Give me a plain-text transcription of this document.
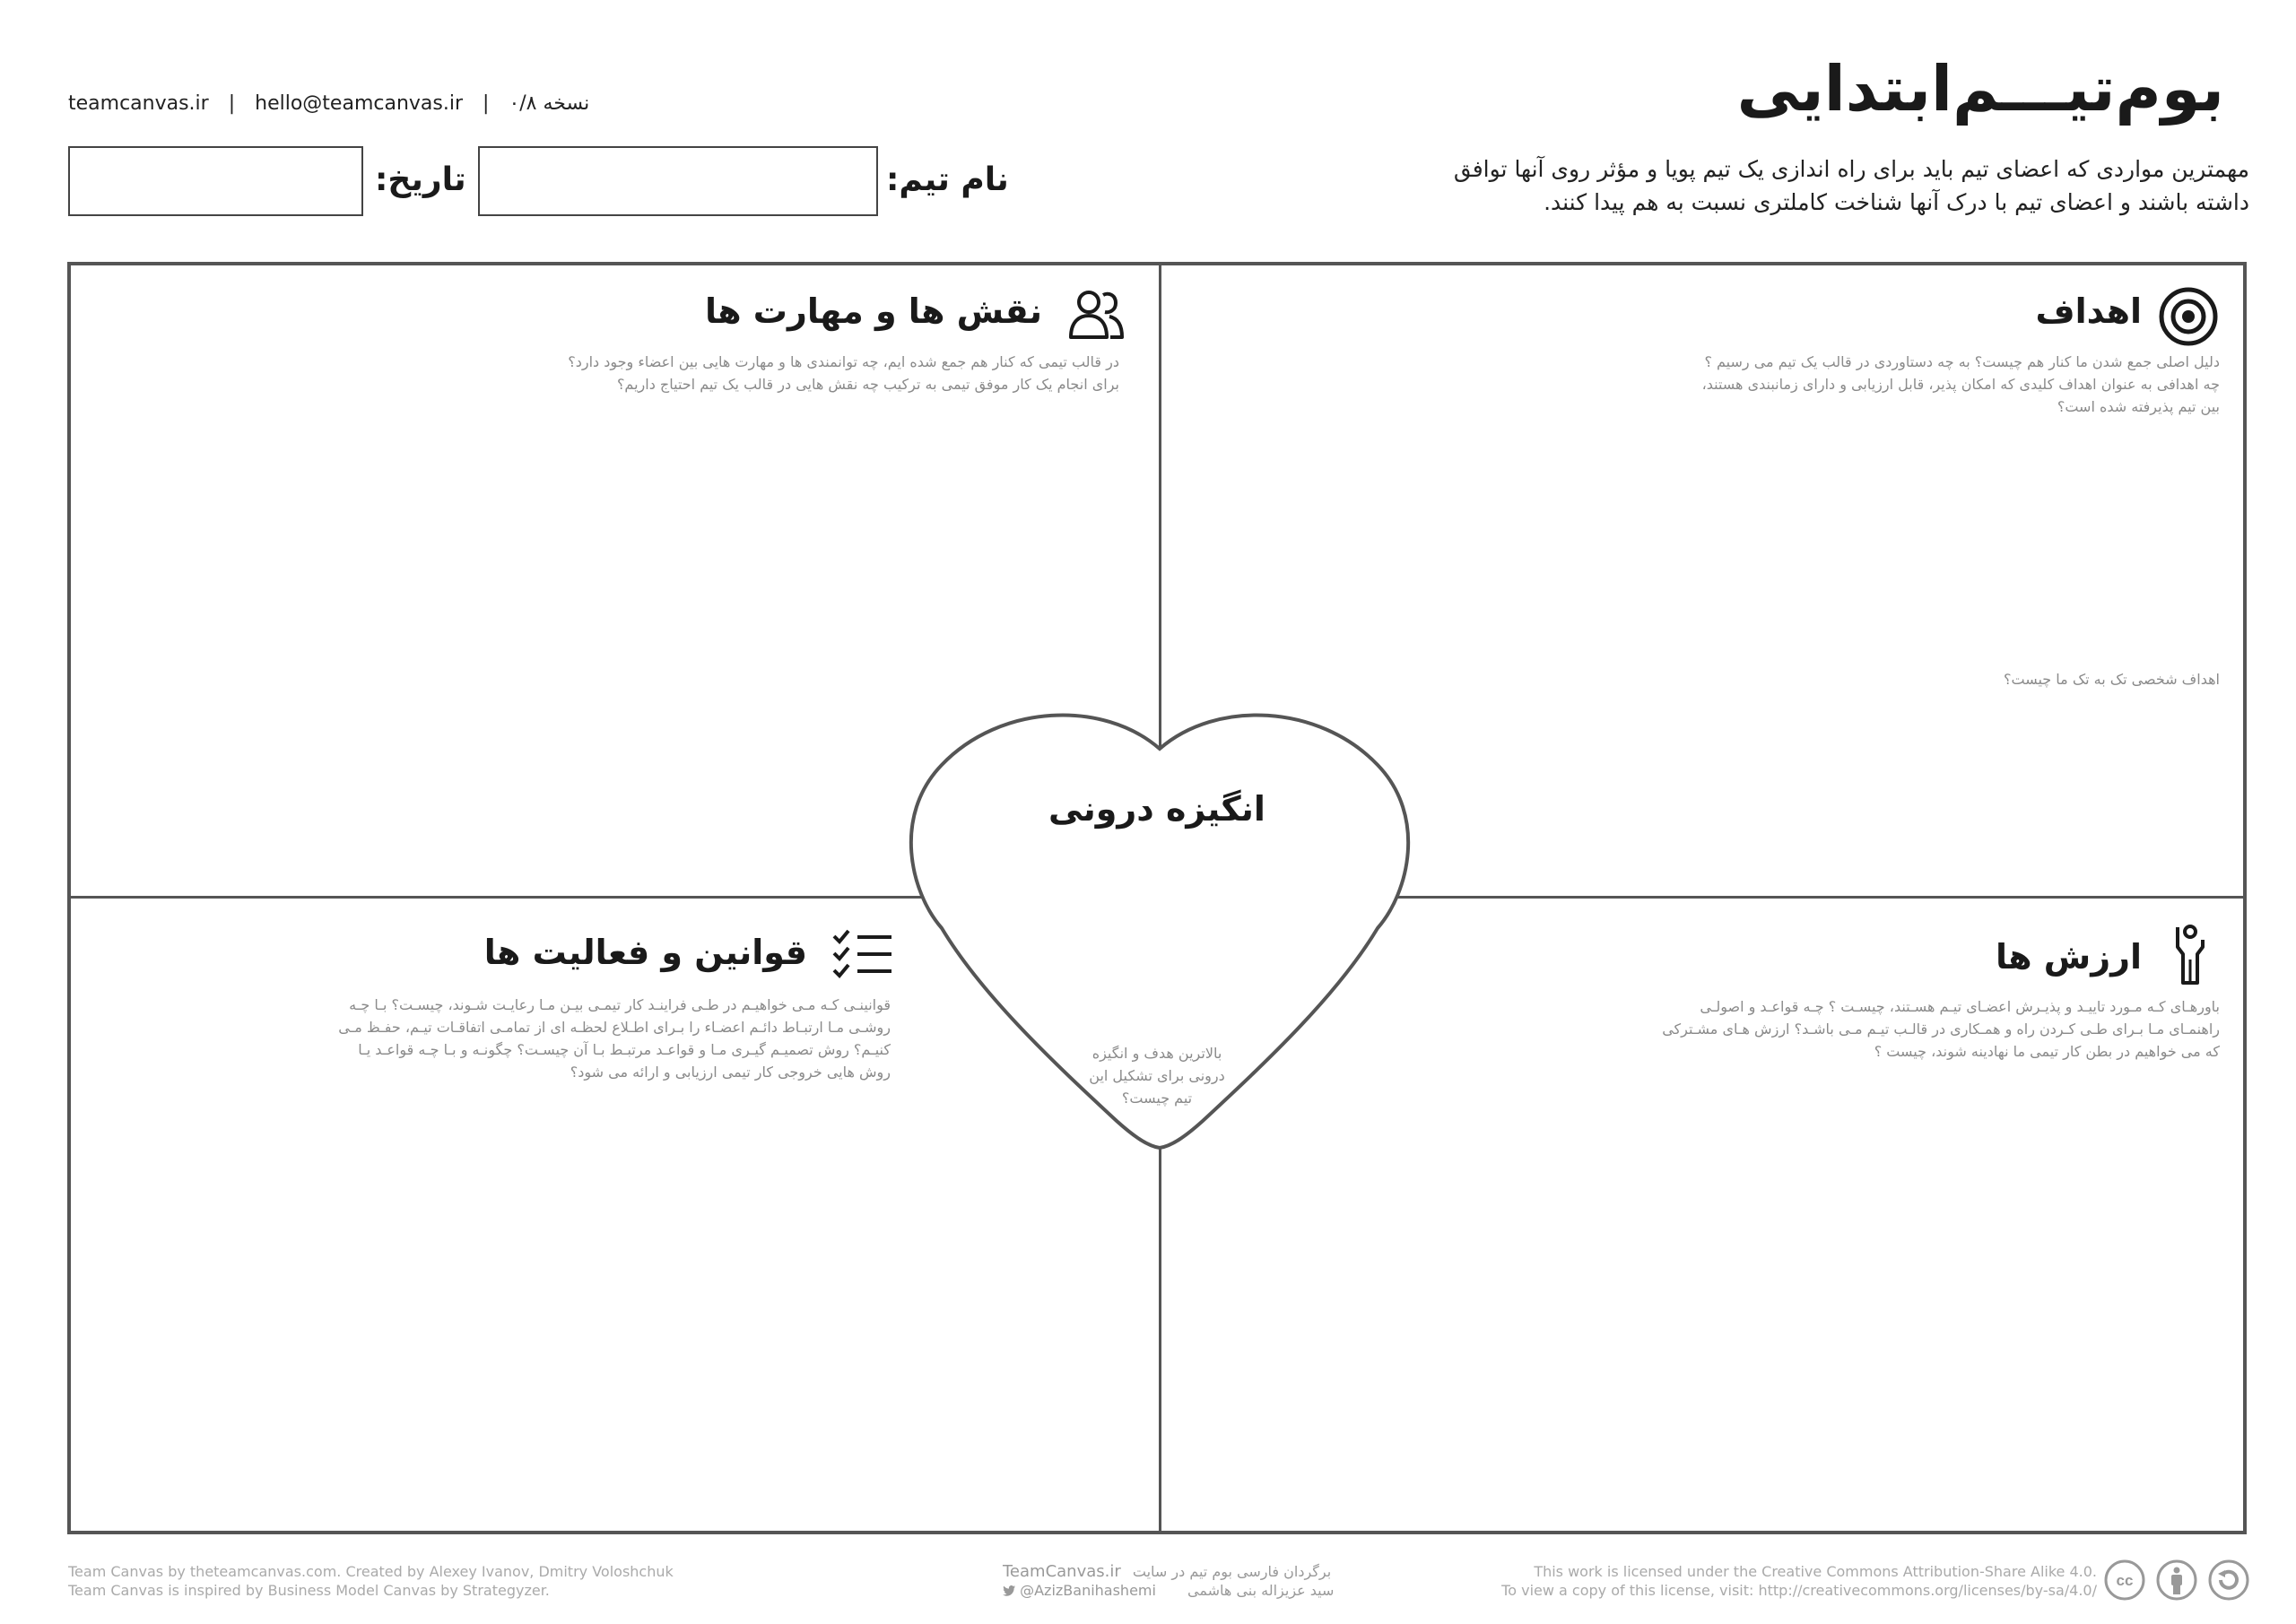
بوم‌تیـــم‌ابتدایی
مهمترین مواردی که اعضای تیم باید برای راه اندازی یک تیم پویا و مؤثر روی آنها توافق
داشته باشند و اعضای تیم با درک آنها شناخت کاملتری نسبت به هم پیدا کنند.
teamcanvas.ir | hello@teamcanvas.ir | نسخه ۰/۸
نام تیم:
تاریخ:
اهداف
دلیل اصلی جمع شدن ما کنار هم چیست؟ به چه دستاوردی در قالب یک تیم می رسیم ؟
چه اهدافی به عنوان اهداف کلیدی که امکان پذیر، قابل ارزیابی و دارای زمانبندی هستند،
بین تیم پذیرفته شده است؟
اهداف شخصی تک به تک ما چیست؟
نقش ها و مهارت ها
در قالب تیمی که کنار هم جمع شده ایم، چه توانمندی ها و مهارت هایی بین اعضاء وجود دارد؟
برای انجام یک کار موفق تیمی به ترکیب چه نقش هایی در قالب یک تیم احتیاج داریم؟
ارزش ها
باورهـای کـه مـورد تاییـد و پذیـرش اعضـای تیـم هسـتند، چیسـت ؟ چـه قواعـد و اصولـی
راهنمـای مـا بـرای طـی کـردن راه و همـکاری در قالـب تیـم مـی باشـد؟ ارزش هـای مشـترکی
که می خواهیم در بطن کار تیمی ما نهادینه شوند، چیست ؟
قوانین و فعالیت ها
قوانینـی کـه مـی خواهیـم در طـی فراینـد کار تیمـی بیـن مـا رعایـت شـوند، چیسـت؟ بـا چـه
روشـی مـا ارتبـاط دائـم اعضـاء را بـرای اطـلاع لحظـه ای از تمامـی اتفاقـات تیـم، حفـظ مـی
کنیـم؟ روش تصمیـم گیـری مـا و قواعـد مرتبـط بـا آن چیسـت؟ چگونـه و بـا چـه قواعـد یـا
روش هایی خروجی کار تیمی ارزیابی و ارائه می شود؟
انگیزه درونی
بالاترین هدف و انگیزه
درونی برای تشکیل این
تیم چیست؟
Team Canvas by theteamcanvas.com. Created by Alexey Ivanov, Dmitry Voloshchuk
Team Canvas is inspired by Business Model Canvas by Strategyzer.
TeamCanvas.ir برگردان فارسی بوم تیم در سایت
@AzizBanihashemi سید عزیزاله بنی هاشمی
This work is licensed under the Creative Commons Attribution-Share Alike 4.0.
To view a copy of this license, visit: http://creativecommons.org/licenses/by-sa/4.0/
cc
